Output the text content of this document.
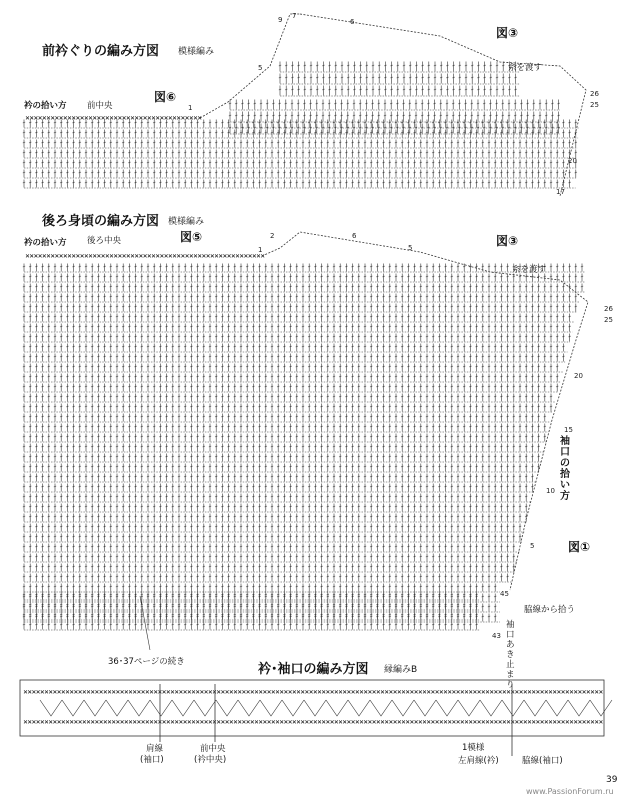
前衿ぐりの編み方図 模様編み
図⑥
図③
衿の拾い方 前中央
糸を渡す
後ろ身頃の編み方図 模様編み
図⑤	図③
衿の拾い方 後ろ中央
糸を渡す
袖口の拾い方
図①
脇線から拾う
袖口あき止まり
36･37ページの続き	衿･袖口の編み方図 縁編みB
肩線
(袖口)
前中央
(衿中央)
1模様
左肩線(衿)	脇線(袖口)
39
www.PassionForum.ru
9 7
6
5
1
26
25
20
17
2
1
6
5
26
25
20
15
10
5
45
43
